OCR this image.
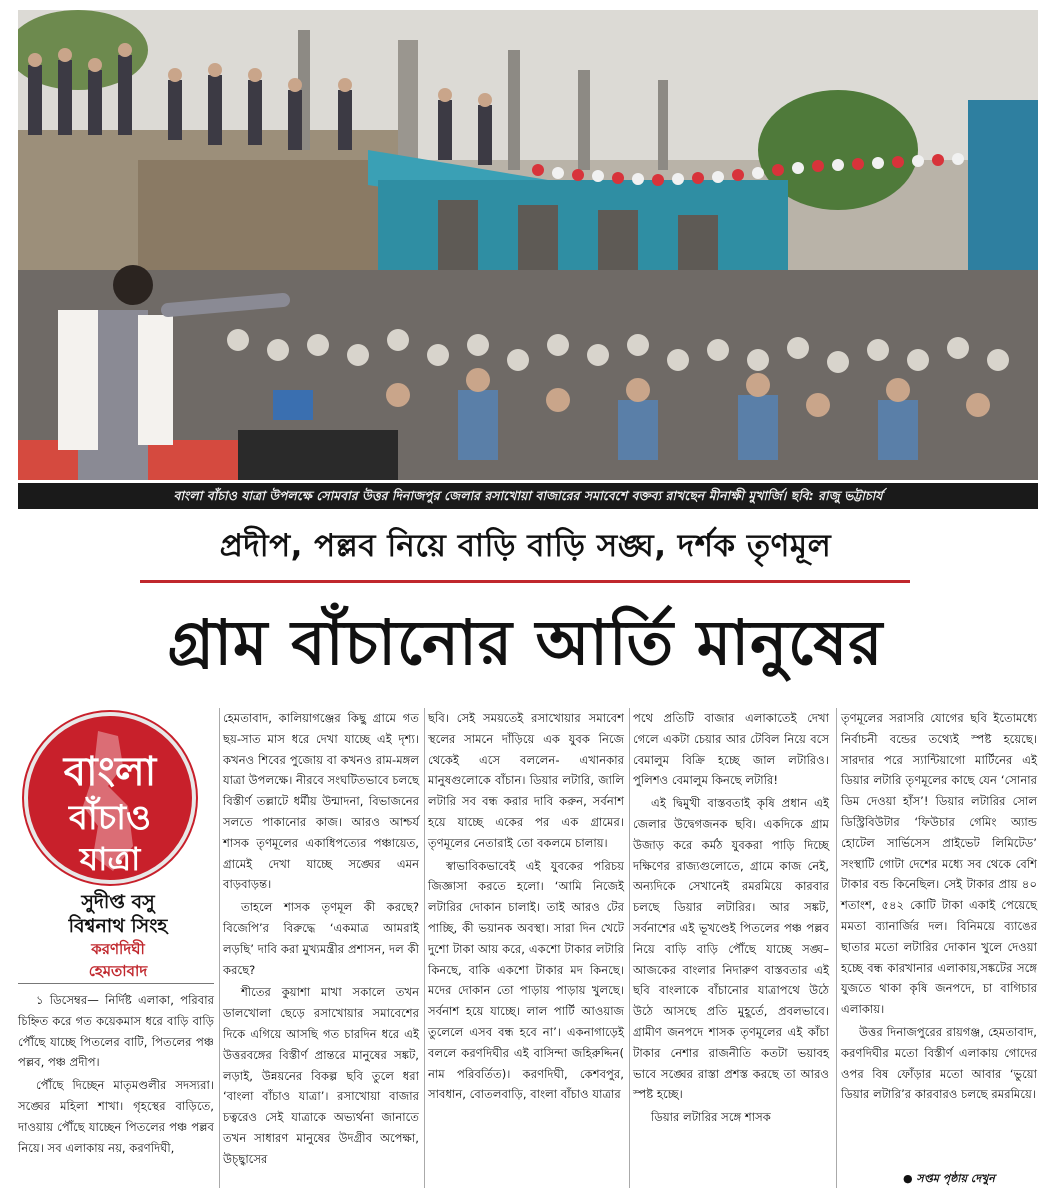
বাংলা বাঁচাও যাত্রা উপলক্ষে সোমবার উত্তর দিনাজপুর জেলার রসাখোয়া বাজারের সমাবেশে বক্তব্য রাখছেন মীনাক্ষী মুখার্জি। ছবি: রাজু ভট্টাচার্য
প্রদীপ, পল্লব নিয়ে বাড়ি বাড়ি সঙ্ঘ, দর্শক তৃণমূল
গ্রাম বাঁচানোর আর্তি মানুষের
বাংলা
বাঁচাও
যাত্রা
সুদীপ্ত বসু
বিশ্বনাথ সিংহ
করণদিঘী
হেমতাবাদ

১ ডিসেম্বর— নির্দিষ্ট এলাকা, পরিবার চিহ্নিত করে গত কয়েকমাস ধরে বাড়ি বাড়ি পৌঁছে যাচ্ছে পিতলের বাটি, পিতলের পঞ্চ পল্লব, পঞ্চ প্রদীপ।

পৌঁছে দিচ্ছেন মাতৃমণ্ডলীর সদস্যরা। সঙ্ঘের মহিলা শাখা। গৃহস্থের বাড়িতে, দাওয়ায় পৌঁছে যাচ্ছেন পিতলের পঞ্চ পল্লব নিয়ে। সব এলাকায় নয়, করণদিঘী,

হেমতাবাদ, কালিয়াগঞ্জের কিছু গ্রামে গত ছয়-সাত মাস ধরে দেখা যাচ্ছে এই দৃশ্য। কখনও শিবের পুজোয় বা কখনও রাম-মঙ্গল যাত্রা উপলক্ষে। নীরবে সংঘটিতভাবে চলছে বিস্তীর্ণ তল্লাটে ধর্মীয় উন্মাদনা, বিভাজনের সলতে পাকানোর কাজ। আরও আশ্চর্য শাসক তৃণমূলের একাধিপত্যের পঞ্চায়েত, গ্রামেই দেখা যাচ্ছে সঙ্ঘের এমন বাড়বাড়ন্ত।

তাহলে শাসক তৃণমূল কী করছে? বিজেপি’র বিরুদ্ধে ‘একমাত্র আমরাই লড়ছি’ দাবি করা মুখ্যমন্ত্রীর প্রশাসন, দল কী করছে?

শীতের কুয়াশা মাখা সকালে তখন ডালখোলা ছেড়ে রসাখোয়ার সমাবেশের দিকে এগিয়ে আসছি গত চারদিন ধরে এই উত্তরবঙ্গের বিস্তীর্ণ প্রান্তরে মানুষের সঙ্কট, লড়াই, উন্নয়নের বিকল্প ছবি তুলে ধরা ‘বাংলা বাঁচাও যাত্রা’। রসাখোয়া বাজার চত্বরেও সেই যাত্রাকে অভ্যর্থনা জানাতে তখন সাধারণ মানুষের উদগ্রীব অপেক্ষা, উচ্ছ্বাসের

ছবি। সেই সময়তেই রসাখোয়ার সমাবেশ স্থলের সামনে দাঁড়িয়ে এক যুবক নিজে থেকেই এসে বললেন- এখানকার মানুষগুলোকে বাঁচান। ডিয়ার লটারি, জালি লটারি সব বন্ধ করার দাবি করুন, সর্বনাশ হয়ে যাচ্ছে একের পর এক গ্রামের। তৃণমূলের নেতারাই তো বকলমে চালায়।

স্বাভাবিকভাবেই এই যুবকের পরিচয় জিজ্ঞাসা করতে হলো। ‘আমি নিজেই লটারির দোকান চালাই। তাই আরও টের পাচ্ছি, কী ভয়ানক অবস্থা। সারা দিন খেটে দুশো টাকা আয় করে, একশো টাকার লটারি কিনছে, বাকি একশো টাকার মদ কিনছে। মদের দোকান তো পাড়ায় পাড়ায় খুলছে। সর্বনাশ হয়ে যাচ্ছে। লাল পার্টি আওয়াজ তুলেলে এসব বন্ধ হবে না’। একনাগাড়েই বললে করণদিঘীর এই বাসিন্দা জহিরুদ্দিন( নাম পরিবর্তিত)। করণদিঘী, কেশবপুর, সাবধান, বোতলবাড়ি, বাংলা বাঁচাও যাত্রার

পথে প্রতিটি বাজার এলাকাতেই দেখা গেলে একটা চেয়ার আর টেবিল নিয়ে বসে বেমালুম বিক্রি হচ্ছে জাল লটারিও। পুলিশও বেমালুম কিনছে লটারি!

এই দ্বিমুখী বাস্তবতাই কৃষি প্রধান এই জেলার উদ্বেগজনক ছবি। একদিকে গ্রাম উজাড় করে কর্মঠ যুবকরা পাড়ি দিচ্ছে দক্ষিণের রাজ্যগুলোতে, গ্রামে কাজ নেই, অন্যদিকে সেখানেই রমরমিয়ে কারবার চলছে ডিয়ার লটারির। আর সঙ্কট, সর্বনাশের এই ভূখণ্ডেই পিতলের পঞ্চ পল্লব নিয়ে বাড়ি বাড়ি পৌঁছে যাচ্ছে সঙ্ঘ– আজকের বাংলার নিদারুণ বাস্তবতার এই ছবি বাংলাকে বাঁচানোর যাত্রাপথে উঠে উঠে আসছে প্রতি মুহূর্তে, প্রবলভাবে। গ্রামীণ জনপদে শাসক তৃণমূলের এই কাঁচা টাকার নেশার রাজনীতি কতটা ভয়াবহ ভাবে সঙ্ঘের রাস্তা প্রশস্ত করছে তা আরও স্পষ্ট হচ্ছে।

ডিয়ার লটারির সঙ্গে শাসক

তৃণমূলের সরাসরি যোগের ছবি ইতোমধ্যে নির্বাচনী বন্ডের তথ্যেই স্পষ্ট হয়েছে। সারদার পরে স্যান্টিয়াগো মার্টিনের এই ডিয়ার লটারি তৃণমূলের কাছে যেন ‘সোনার ডিম দেওয়া হাঁস’! ডিয়ার লটারির সোল ডিস্ট্রিবিউটার ‘ফিউচার গেমিং অ্যান্ড হোটেল সার্ভিসেস প্রাইভেট লিমিটেড’ সংস্থাটি গোটা দেশের মধ্যে সব থেকে বেশি টাকার বন্ড কিনেছিল। সেই টাকার প্রায় ৪০ শতাংশ, ৫৪২ কোটি টাকা একাই পেয়েছে মমতা ব্যানার্জির দল। বিনিময়ে ব্যাঙের ছাতার মতো লটারির দোকান খুলে দেওয়া হচ্ছে বন্ধ কারখানার এলাকায়,সঙ্কটের সঙ্গে যুজতে থাকা কৃষি জনপদে, চা বাগিচার এলাকায়।

উত্তর দিনাজপুরের রায়গঞ্জ, হেমতাবাদ, করণদিঘীর মতো বিস্তীর্ণ এলাকায় গোদের ওপর বিষ ফোঁড়ার মতো আবার ‘ভুয়ো ডিয়ার লটারি’র কারবারও চলছে রমরমিয়ে।

● সপ্তম পৃষ্ঠায় দেখুন
